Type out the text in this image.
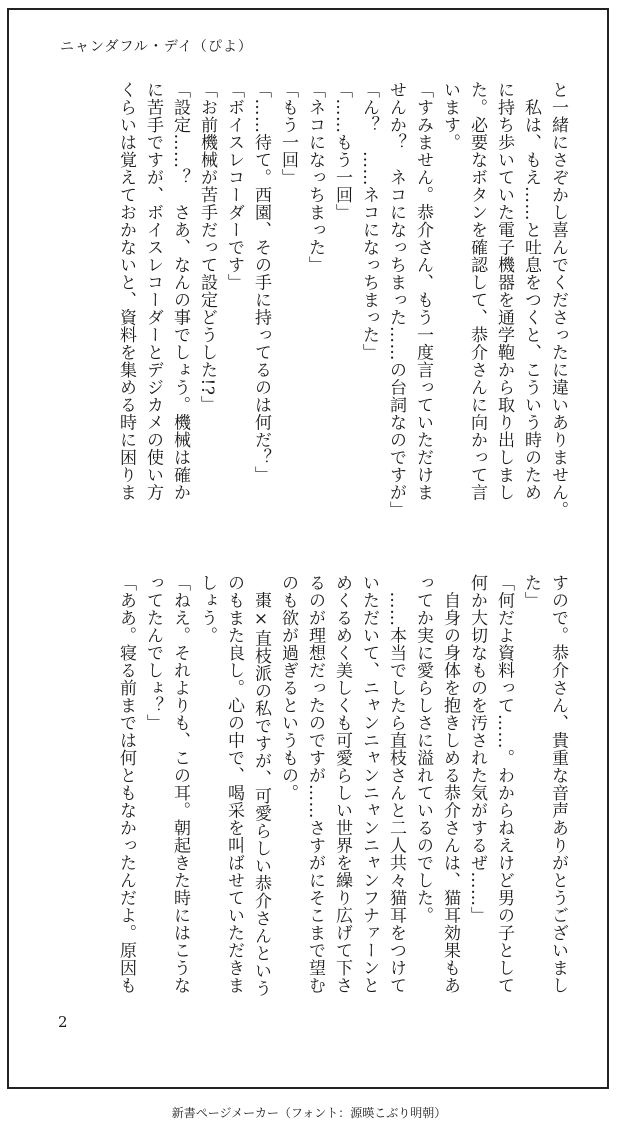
ニャンダフル・デイ（ぴよ）
と一緒にさぞかし喜んでくださったに違いありません。
　私は、もえ……と吐息をつくと、こういう時のため
に持ち歩いていた電子機器を通学鞄から取り出しまし
た。必要なボタンを確認して、恭介さんに向かって言
います。
「すみません。恭介さん、もう一度言っていただけま
せんか？　ネコになっちまった……の台詞なのですが」
「ん？　……ネコになっちまった」
「……もう一回」
「ネコになっちまった」
「もう一回」
「……待て。西園、その手に持ってるのは何だ？」
「ボイスレコーダーです」
「お前機械が苦手だって設定どうした!?」
「設定……？　さあ、なんの事でしょう。機械は確か
に苦手ですが、ボイスレコーダーとデジカメの使い方
くらいは覚えておかないと、資料を集める時に困りま
すので。恭介さん、貴重な音声ありがとうございまし
た」
「何だよ資料って……。わからねえけど男の子として
何か大切なものを汚された気がするぜ……」
　自身の身体を抱きしめる恭介さんは、猫耳効果もあ
ってか実に愛らしさに溢れているのでした。
　……本当でしたら直枝さんと二人共々猫耳をつけて
いただいて、ニャンニャンニャンニャンフナァーンと
めくるめく美しくも可愛らしい世界を繰り広げて下さ
るのが理想だったのですが……さすがにそこまで望む
のも欲が過ぎるというもの。
　棗×直枝派の私ですが、可愛らしい恭介さんという
のもまた良し。心の中で、喝采を叫ばせていただきま
しょう。
「ねえ。それよりも、この耳。朝起きた時にはこうな
ってたんでしょ？」
「ああ。寝る前までは何ともなかったんだよ。原因も
2
新書ページメーカー（フォント：源暎こぶり明朝）
